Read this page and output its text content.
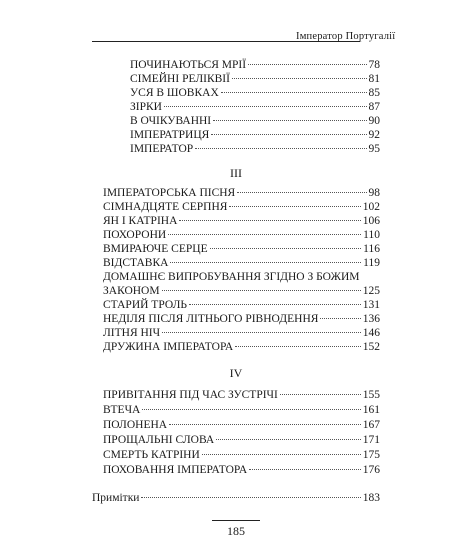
Імператор Португалії
ПОЧИНАЮТЬСЯ МРІЇ	78
СІМЕЙНІ РЕЛІКВІЇ	81
УСЯ В ШОВКАХ	85
ЗІРКИ	87
В ОЧІКУВАННІ	90
ІМПЕРАТРИЦЯ	92
ІМПЕРАТОР	95
III
ІМПЕРАТОРСЬКА ПІСНЯ	98
СІМНАДЦЯТЕ СЕРПНЯ	102
ЯН І КАТРІНА	106
ПОХОРОНИ	110
ВМИРАЮЧЕ СЕРЦЕ	116
ВІДСТАВКА	119
ДОМАШНЄ ВИПРОБУВАННЯ ЗГІДНО З БОЖИМ
ЗАКОНОМ	125
СТАРИЙ ТРОЛЬ	131
НЕДІЛЯ ПІСЛЯ ЛІТНЬОГО РІВНОДЕННЯ	136
ЛІТНЯ НІЧ	146
ДРУЖИНА ІМПЕРАТОРА	152
IV
ПРИВІТАННЯ ПІД ЧАС ЗУСТРІЧІ	155
ВТЕЧА	161
ПОЛОНЕНА	167
ПРОЩАЛЬНІ СЛОВА	171
СМЕРТЬ КАТРІНИ	175
ПОХОВАННЯ ІМПЕРАТОРА	176
Примітки	183
185
